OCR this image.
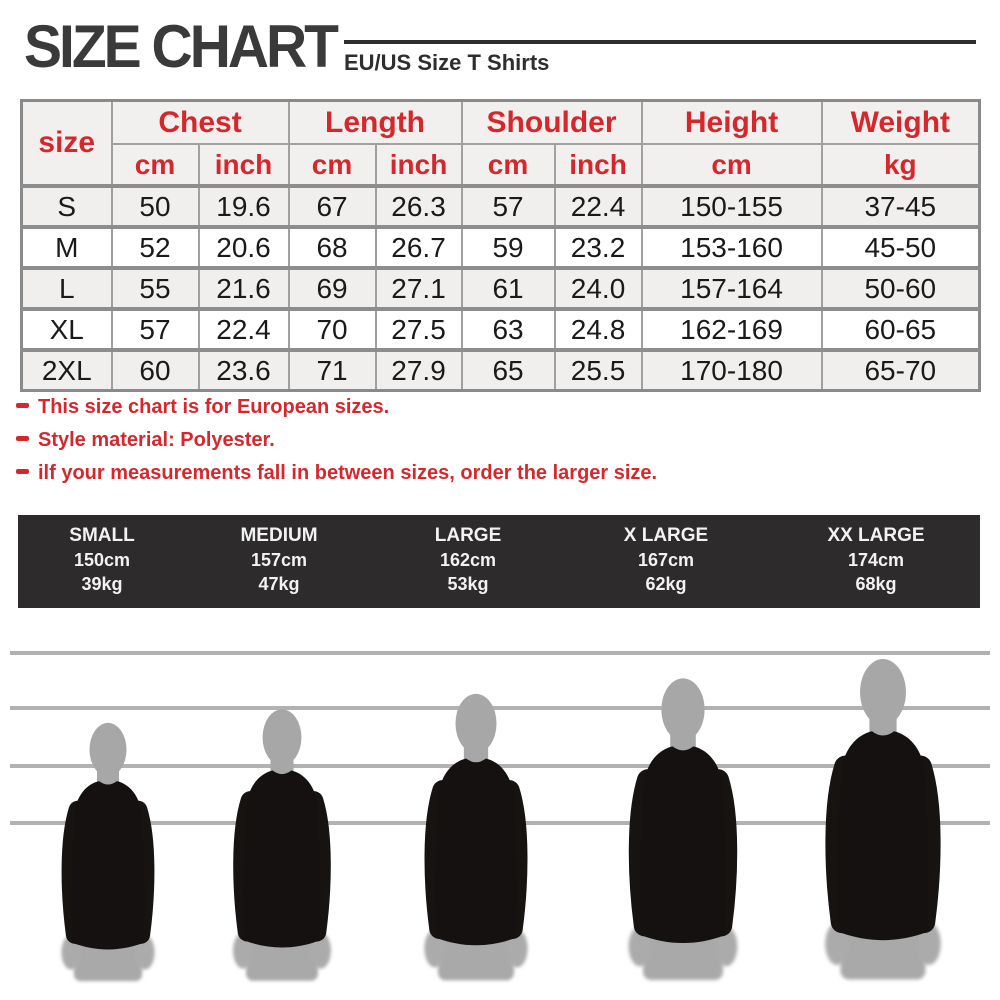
SIZE CHART EU/US Size T Shirts
size	Chest		Length		Shoulder		Height	Weight
	cm	inch	cm	inch	cm	inch	cm	kg
S	50	19.6	67	26.3	57	22.4	150-155	37-45
M	52	20.6	68	26.7	59	23.2	153-160	45-50
L	55	21.6	69	27.1	61	24.0	157-164	50-60
XL	57	22.4	70	27.5	63	24.8	162-169	60-65
2XL	60	23.6	71	27.9	65	25.5	170-180	65-70
This size chart is for European sizes.
Style material: Polyester.
ilf your measurements fall in between sizes, order the larger size.
SMALL
150cm
39kg
MEDIUM
157cm
47kg
LARGE
162cm
53kg
X LARGE
167cm
62kg
XX LARGE
174cm
68kg
